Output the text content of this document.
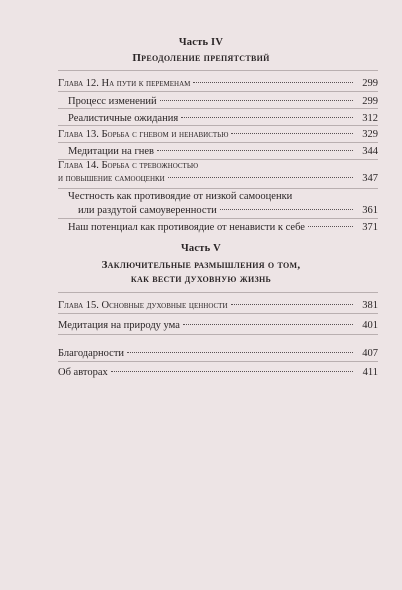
Часть IV
Преодоление препятствий
Глава 12. На пути к переменам	299
Процесс изменений	299
Реалистичные ожидания	312
Глава 13. Борьба с гневом и ненавистью	329
Медитации на гнев	344
Глава 14. Борьба с тревожностью
и повышение самооценки	347
Честность как противоядие от низкой самооценки
или раздутой самоуверенности	361
Наш потенциал как противоядие от ненависти к себе	371
Часть V
Заключительные размышления о том,
как вести духовную жизнь
Глава 15. Основные духовные ценности	381
Медитация на природу ума	401
Благодарности	407
Об авторах	411
